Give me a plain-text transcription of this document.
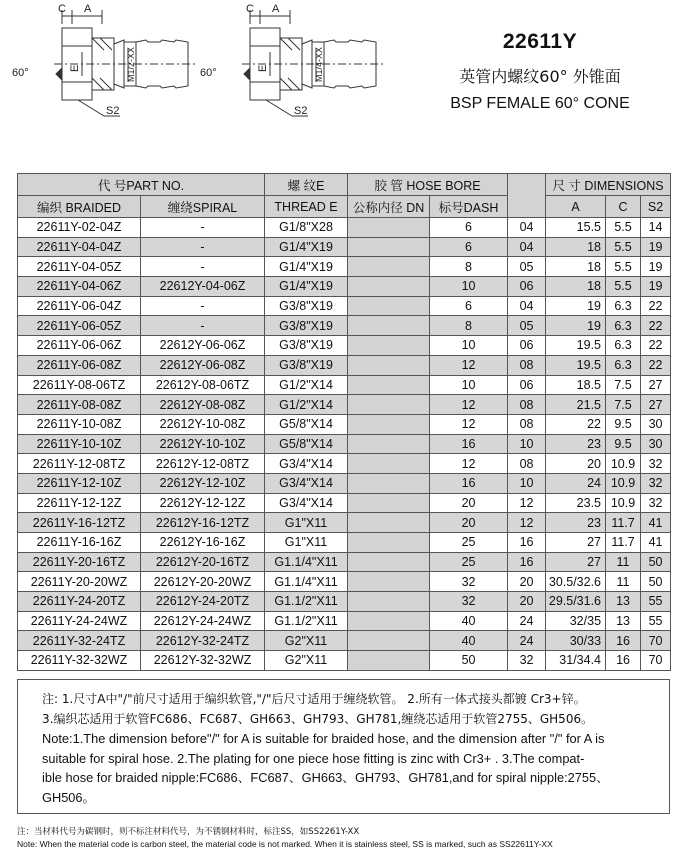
C A
60°	E	M1/2-XX
S2
C A
60°	E	M1/4-XX
S2
22611Y
英管内螺纹60° 外锥面
BSP FEMALE 60° CONE
代 号PART NO.		螺 纹E	胶 管 HOSE BORE			尺 寸 DIMENSIONS		
编织 BRAIDED	缠绕SPIRAL	THREAD E	公称内径 DN	标号DASH		A	C	S2
22611Y-02-04Z	-	G1/8"X28		6	04	15.5	5.5	14
22611Y-04-04Z	-	G1/4"X19		6	04	18	5.5	19
22611Y-04-05Z	-	G1/4"X19		8	05	18	5.5	19
22611Y-04-06Z	22612Y-04-06Z	G1/4"X19		10	06	18	5.5	19
22611Y-06-04Z	-	G3/8"X19		6	04	19	6.3	22
22611Y-06-05Z	-	G3/8"X19		8	05	19	6.3	22
22611Y-06-06Z	22612Y-06-06Z	G3/8"X19		10	06	19.5	6.3	22
22611Y-06-08Z	22612Y-06-08Z	G3/8"X19		12	08	19.5	6.3	22
22611Y-08-06TZ	22612Y-08-06TZ	G1/2"X14		10	06	18.5	7.5	27
22611Y-08-08Z	22612Y-08-08Z	G1/2"X14		12	08	21.5	7.5	27
22611Y-10-08Z	22612Y-10-08Z	G5/8"X14		12	08	22	9.5	30
22611Y-10-10Z	22612Y-10-10Z	G5/8"X14		16	10	23	9.5	30
22611Y-12-08TZ	22612Y-12-08TZ	G3/4"X14		12	08	20	10.9	32
22611Y-12-10Z	22612Y-12-10Z	G3/4"X14		16	10	24	10.9	32
22611Y-12-12Z	22612Y-12-12Z	G3/4"X14		20	12	23.5	10.9	32
22611Y-16-12TZ	22612Y-16-12TZ	G1"X11		20	12	23	11.7	41
22611Y-16-16Z	22612Y-16-16Z	G1"X11		25	16	27	11.7	41
22611Y-20-16TZ	22612Y-20-16TZ	G1.1/4"X11		25	16	27	11	50
22611Y-20-20WZ	22612Y-20-20WZ	G1.1/4"X11		32	20	30.5/32.6	11	50
22611Y-24-20TZ	22612Y-24-20TZ	G1.1/2"X11		32	20	29.5/31.6	13	55
22611Y-24-24WZ	22612Y-24-24WZ	G1.1/2"X11		40	24	32/35	13	55
22611Y-32-24TZ	22612Y-32-24TZ	G2"X11		40	24	30/33	16	70
22611Y-32-32WZ	22612Y-32-32WZ	G2"X11		50	32	31/34.4	16	70

注: 1.尺寸A中"/"前尺寸适用于编织软管,"/"后尺寸适用于缠绕软管。 2.所有一体式接头都镀 Cr3+锌。

3.编织芯适用于软管FC686、FC687、GH663、GH793、GH781,缠绕芯适用于软管2755、GH506。

Note:1.The dimension before"/" for A is suitable for braided hose, and the dimension after "/" for A is

suitable for spiral hose. 2.The plating for one piece hose fitting is zinc with Cr3+ . 3.The compat-

ible hose for braided nipple:FC686、FC687、GH663、GH793、GH781,and for spiral nipple:2755、

GH506。

注：当材料代号为碳钢时，则不标注材料代号，为不锈钢材料时，标注SS，如SS2261Y-XX
Note: When the material code is carbon steel, the material code is not marked. When it is stainless steel, SS is marked, such as SS22611Y-XX
